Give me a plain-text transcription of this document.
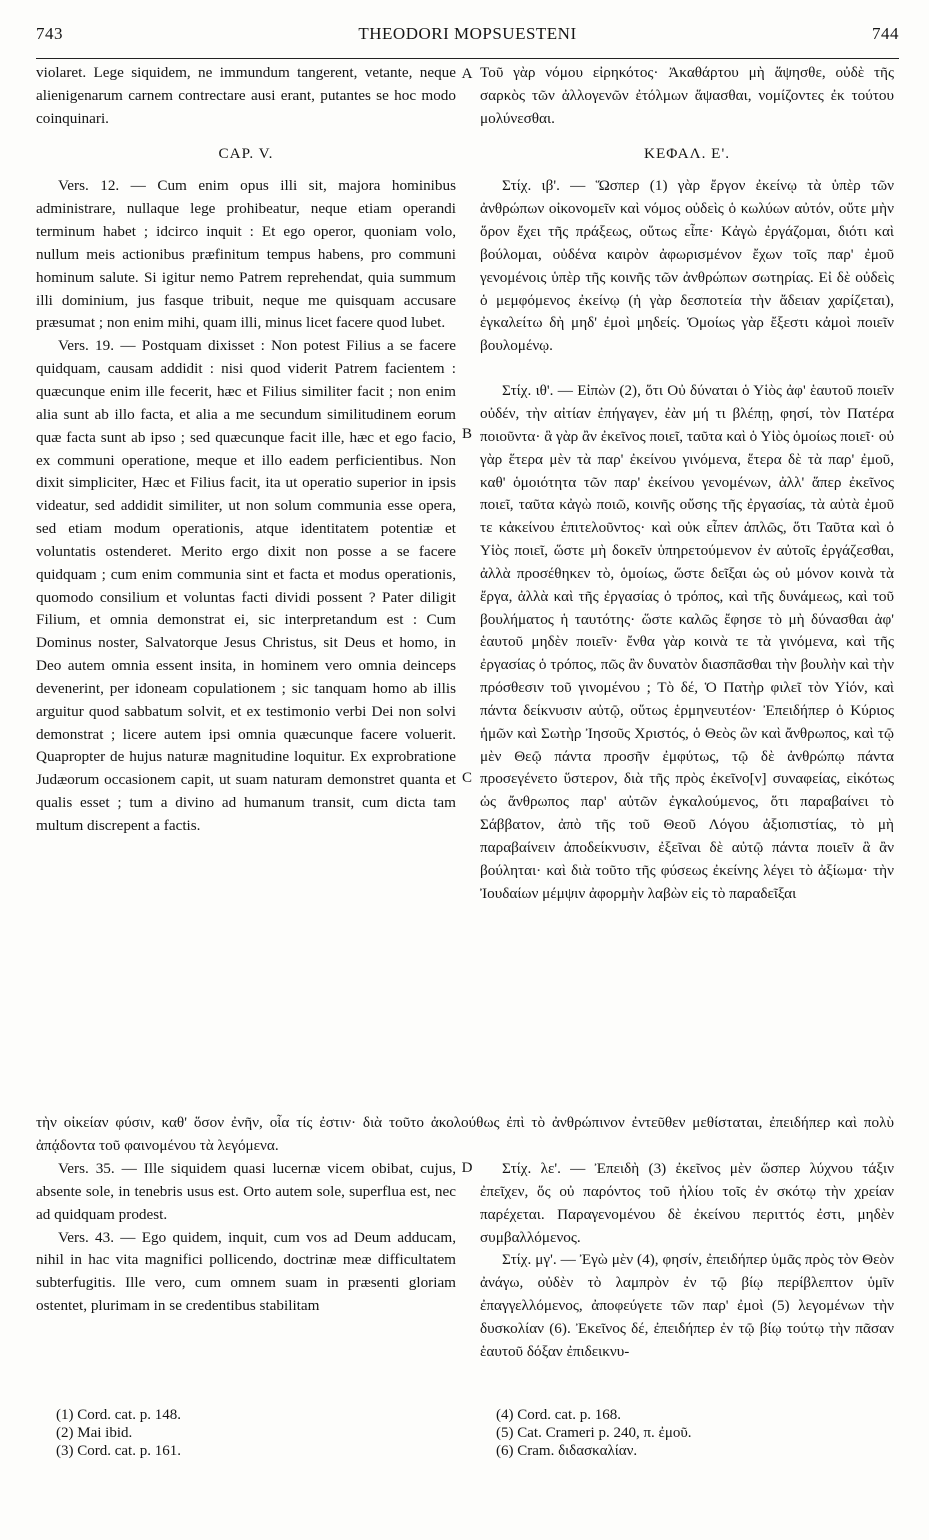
743	THEODORI MOPSUESTENI	744

violaret. Lege siquidem, ne immundum tangerent, vetante, neque alienigenarum carnem contrectare ausi erant, putantes se hoc modo coinquinari.

CAP. V.

Vers. 12. — Cum enim opus illi sit, majora hominibus administrare, nullaque lege prohibeatur, neque etiam operandi terminum habet ; idcirco inquit : Et ego operor, quoniam volo, nullum meis actionibus præfinitum tempus habens, pro communi hominum salute. Si igitur nemo Patrem reprehendat, quia summum illi dominium, jus fasque tribuit, neque me quisquam accusare præsumat ; non enim mihi, quam illi, minus licet facere quod lubet.

Vers. 19. — Postquam dixisset : Non potest Filius a se facere quidquam, causam addidit : nisi quod viderit Patrem facientem : quæcunque enim ille fecerit, hæc et Filius similiter facit ; non enim alia sunt ab illo facta, et alia a me secundum similitudinem eorum quæ facta sunt ab ipso ; sed quæcunque facit ille, hæc et ego facio, ex communi operatione, meque et illo eadem perficientibus. Non dixit simpliciter, Hæc et Filius facit, ita ut operatio superior in ipsis videatur, sed addidit similiter, ut non solum communia esse opera, sed etiam modum operationis, atque identitatem potentiæ et voluntatis ostenderet. Merito ergo dixit non posse a se facere quidquam ; cum enim communia sint et facta et modus operationis, quomodo consilium et voluntas facti dividi possent ? Pater diligit Filium, et omnia demonstrat ei, sic interpretandum est : Cum Dominus noster, Salvatorque Jesus Christus, sit Deus et homo, in Deo autem omnia essent insita, in hominem vero omnia deinceps devenerint, per idoneam copulationem ; sic tanquam homo ab illis arguitur quod sabbatum solvit, et ex testimonio verbi Dei non solvi demonstrat ; licere autem ipsi omnia quæcunque facere voluerit. Quapropter de hujus naturæ magnitudine loquitur. Ex exprobratione Judæorum occasionem capit, ut suam naturam demonstret quanta et qualis esset ; tum a divino ad humanum transit, cum dicta tam multum discrepent a factis.

Τοῦ γὰρ νόμου εἰρηκότος· Ἀκαθάρτου μὴ ἅψησθε, οὐδὲ τῆς σαρκὸς τῶν ἀλλογενῶν ἐτόλμων ἅψασθαι, νομίζοντες ἐκ τούτου μολύνεσθαι.

ΚΕΦΑΛ. Ε'.

Στίχ. ιβ'. — Ὥσπερ (1) γὰρ ἔργον ἐκείνῳ τὰ ὑπὲρ τῶν ἀνθρώπων οἰκονομεῖν καὶ νόμος οὐδεὶς ὁ κωλύων αὐτόν, οὔτε μὴν ὅρον ἔχει τῆς πράξεως, οὕτως εἶπε· Κἀγὼ ἐργάζομαι, διότι καὶ βούλομαι, οὐδένα καιρὸν ἀφωρισμένον ἔχων τοῖς παρ' ἐμοῦ γενομένοις ὑπὲρ τῆς κοινῆς τῶν ἀνθρώπων σωτηρίας. Εἰ δὲ οὐδεὶς ὁ μεμφόμενος ἐκείνῳ (ἡ γὰρ δεσποτεία τὴν ἄδειαν χαρίζεται), ἐγκαλείτω δὴ μηδ' ἐμοὶ μηδείς. Ὁμοίως γὰρ ἔξεστι κἀμοὶ ποιεῖν βουλομένῳ.

Στίχ. ιθ'. — Εἰπὼν (2), ὅτι Οὐ δύναται ὁ Υἱὸς ἀφ' ἑαυτοῦ ποιεῖν οὐδέν, τὴν αἰτίαν ἐπήγαγεν, ἐὰν μή τι βλέπῃ, φησί, τὸν Πατέρα ποιοῦντα· ἃ γὰρ ἂν ἐκεῖνος ποιεῖ, ταῦτα καὶ ὁ Υἱὸς ὁμοίως ποιεῖ· οὐ γὰρ ἕτερα μὲν τὰ παρ' ἐκείνου γινόμενα, ἕτερα δὲ τὰ παρ' ἐμοῦ, καθ' ὁμοιότητα τῶν παρ' ἐκείνου γενομένων, ἀλλ' ἅπερ ἐκεῖνος ποιεῖ, ταῦτα κἀγὼ ποιῶ, κοινῆς οὔσης τῆς ἐργασίας, τὰ αὐτὰ ἐμοῦ τε κἀκείνου ἐπιτελοῦντος· καὶ οὐκ εἶπεν ἁπλῶς, ὅτι Ταῦτα καὶ ὁ Υἱὸς ποιεῖ, ὥστε μὴ δοκεῖν ὑπηρετούμενον ἐν αὐτοῖς ἐργάζεσθαι, ἀλλὰ προσέθηκεν τὸ, ὁμοίως, ὥστε δεῖξαι ὡς οὐ μόνον κοινὰ τὰ ἔργα, ἀλλὰ καὶ τῆς ἐργασίας ὁ τρόπος, καὶ τῆς δυνάμεως, καὶ τοῦ βουλήματος ἡ ταυτότης· ὥστε καλῶς ἔφησε τὸ μὴ δύνασθαι ἀφ' ἑαυτοῦ μηδὲν ποιεῖν· ἔνθα γὰρ κοινὰ τε τὰ γινόμενα, καὶ τῆς ἐργασίας ὁ τρόπος, πῶς ἂν δυνατὸν διασπᾶσθαι τὴν βουλὴν καὶ τὴν πρόσθεσιν τοῦ γινομένου ; Τὸ δέ, Ὁ Πατὴρ φιλεῖ τὸν Υἱόν, καὶ πάντα δείκνυσιν αὐτῷ, οὕτως ἑρμηνευτέον· Ἐπειδήπερ ὁ Κύριος ἡμῶν καὶ Σωτὴρ Ἰησοῦς Χριστός, ὁ Θεὸς ὢν καὶ ἄνθρωπος, καὶ τῷ μὲν Θεῷ πάντα προσῆν ἐμφύτως, τῷ δὲ ἀνθρώπῳ πάντα προσεγένετο ὕστερον, διὰ τῆς πρὸς ἐκεῖνο[ν] συναφείας, εἰκότως ὡς ἄνθρωπος παρ' αὐτῶν ἐγκαλούμενος, ὅτι παραβαίνει τὸ Σάββατον, ἀπὸ τῆς τοῦ Θεοῦ Λόγου ἀξιοπιστίας, τὸ μὴ παραβαίνειν ἀποδείκνυσιν, ἐξεῖναι δὲ αὐτῷ πάντα ποιεῖν ἃ ἂν βούληται· καὶ διὰ τοῦτο τῆς φύσεως ἐκείνης λέγει τὸ ἀξίωμα· τὴν Ἰουδαίων μέμψιν ἀφορμὴν λαβὼν εἰς τὸ παραδεῖξαι

A
B
C
D
τὴν οἰκείαν φύσιν, καθ' ὅσον ἐνῆν, οἷα τίς ἐστιν· διὰ τοῦτο ἀκολούθως ἐπὶ τὸ ἀνθρώπινον ἐντεῦθεν μεθίσταται, ἐπειδήπερ καὶ πολὺ ἀπᾴδοντα τοῦ φαινομένου τὰ λεγόμενα.

Vers. 35. — Ille siquidem quasi lucernæ vicem obibat, cujus, absente sole, in tenebris usus est. Orto autem sole, superflua est, nec ad quidquam prodest.

Vers. 43. — Ego quidem, inquit, cum vos ad Deum adducam, nihil in hac vita magnifici pollicendo, doctrinæ meæ difficultatem subterfugitis. Ille vero, cum omnem suam in præsenti gloriam ostentet, plurimam in se credentibus stabilitam

Στίχ. λε'. — Ἐπειδὴ (3) ἐκεῖνος μὲν ὥσπερ λύχνου τάξιν ἐπεῖχεν, ὅς οὐ παρόντος τοῦ ἡλίου τοῖς ἐν σκότῳ τὴν χρείαν παρέχεται. Παραγενομένου δὲ ἐκείνου περιττός ἐστι, μηδὲν συμβαλλόμενος.

Στίχ. μγ'. — Ἐγὼ μὲν (4), φησίν, ἐπειδήπερ ὑμᾶς πρὸς τὸν Θεὸν ἀνάγω, οὐδὲν τὸ λαμπρὸν ἐν τῷ βίῳ περίβλεπτον ὑμῖν ἐπαγγελλόμενος, ἀποφεύγετε τῶν παρ' ἐμοὶ (5) λεγομένων τὴν δυσκολίαν (6). Ἐκεῖνος δέ, ἐπειδήπερ ἐν τῷ βίῳ τούτῳ τὴν πᾶσαν ἑαυτοῦ δόξαν ἐπιδεικνυ-

(1) Cord. cat. p. 148.
(2) Mai ibid.
(3) Cord. cat. p. 161.
(4) Cord. cat. p. 168.
(5) Cat. Crameri p. 240, π. ἐμοῦ.
(6) Cram. διδασκαλίαν.
